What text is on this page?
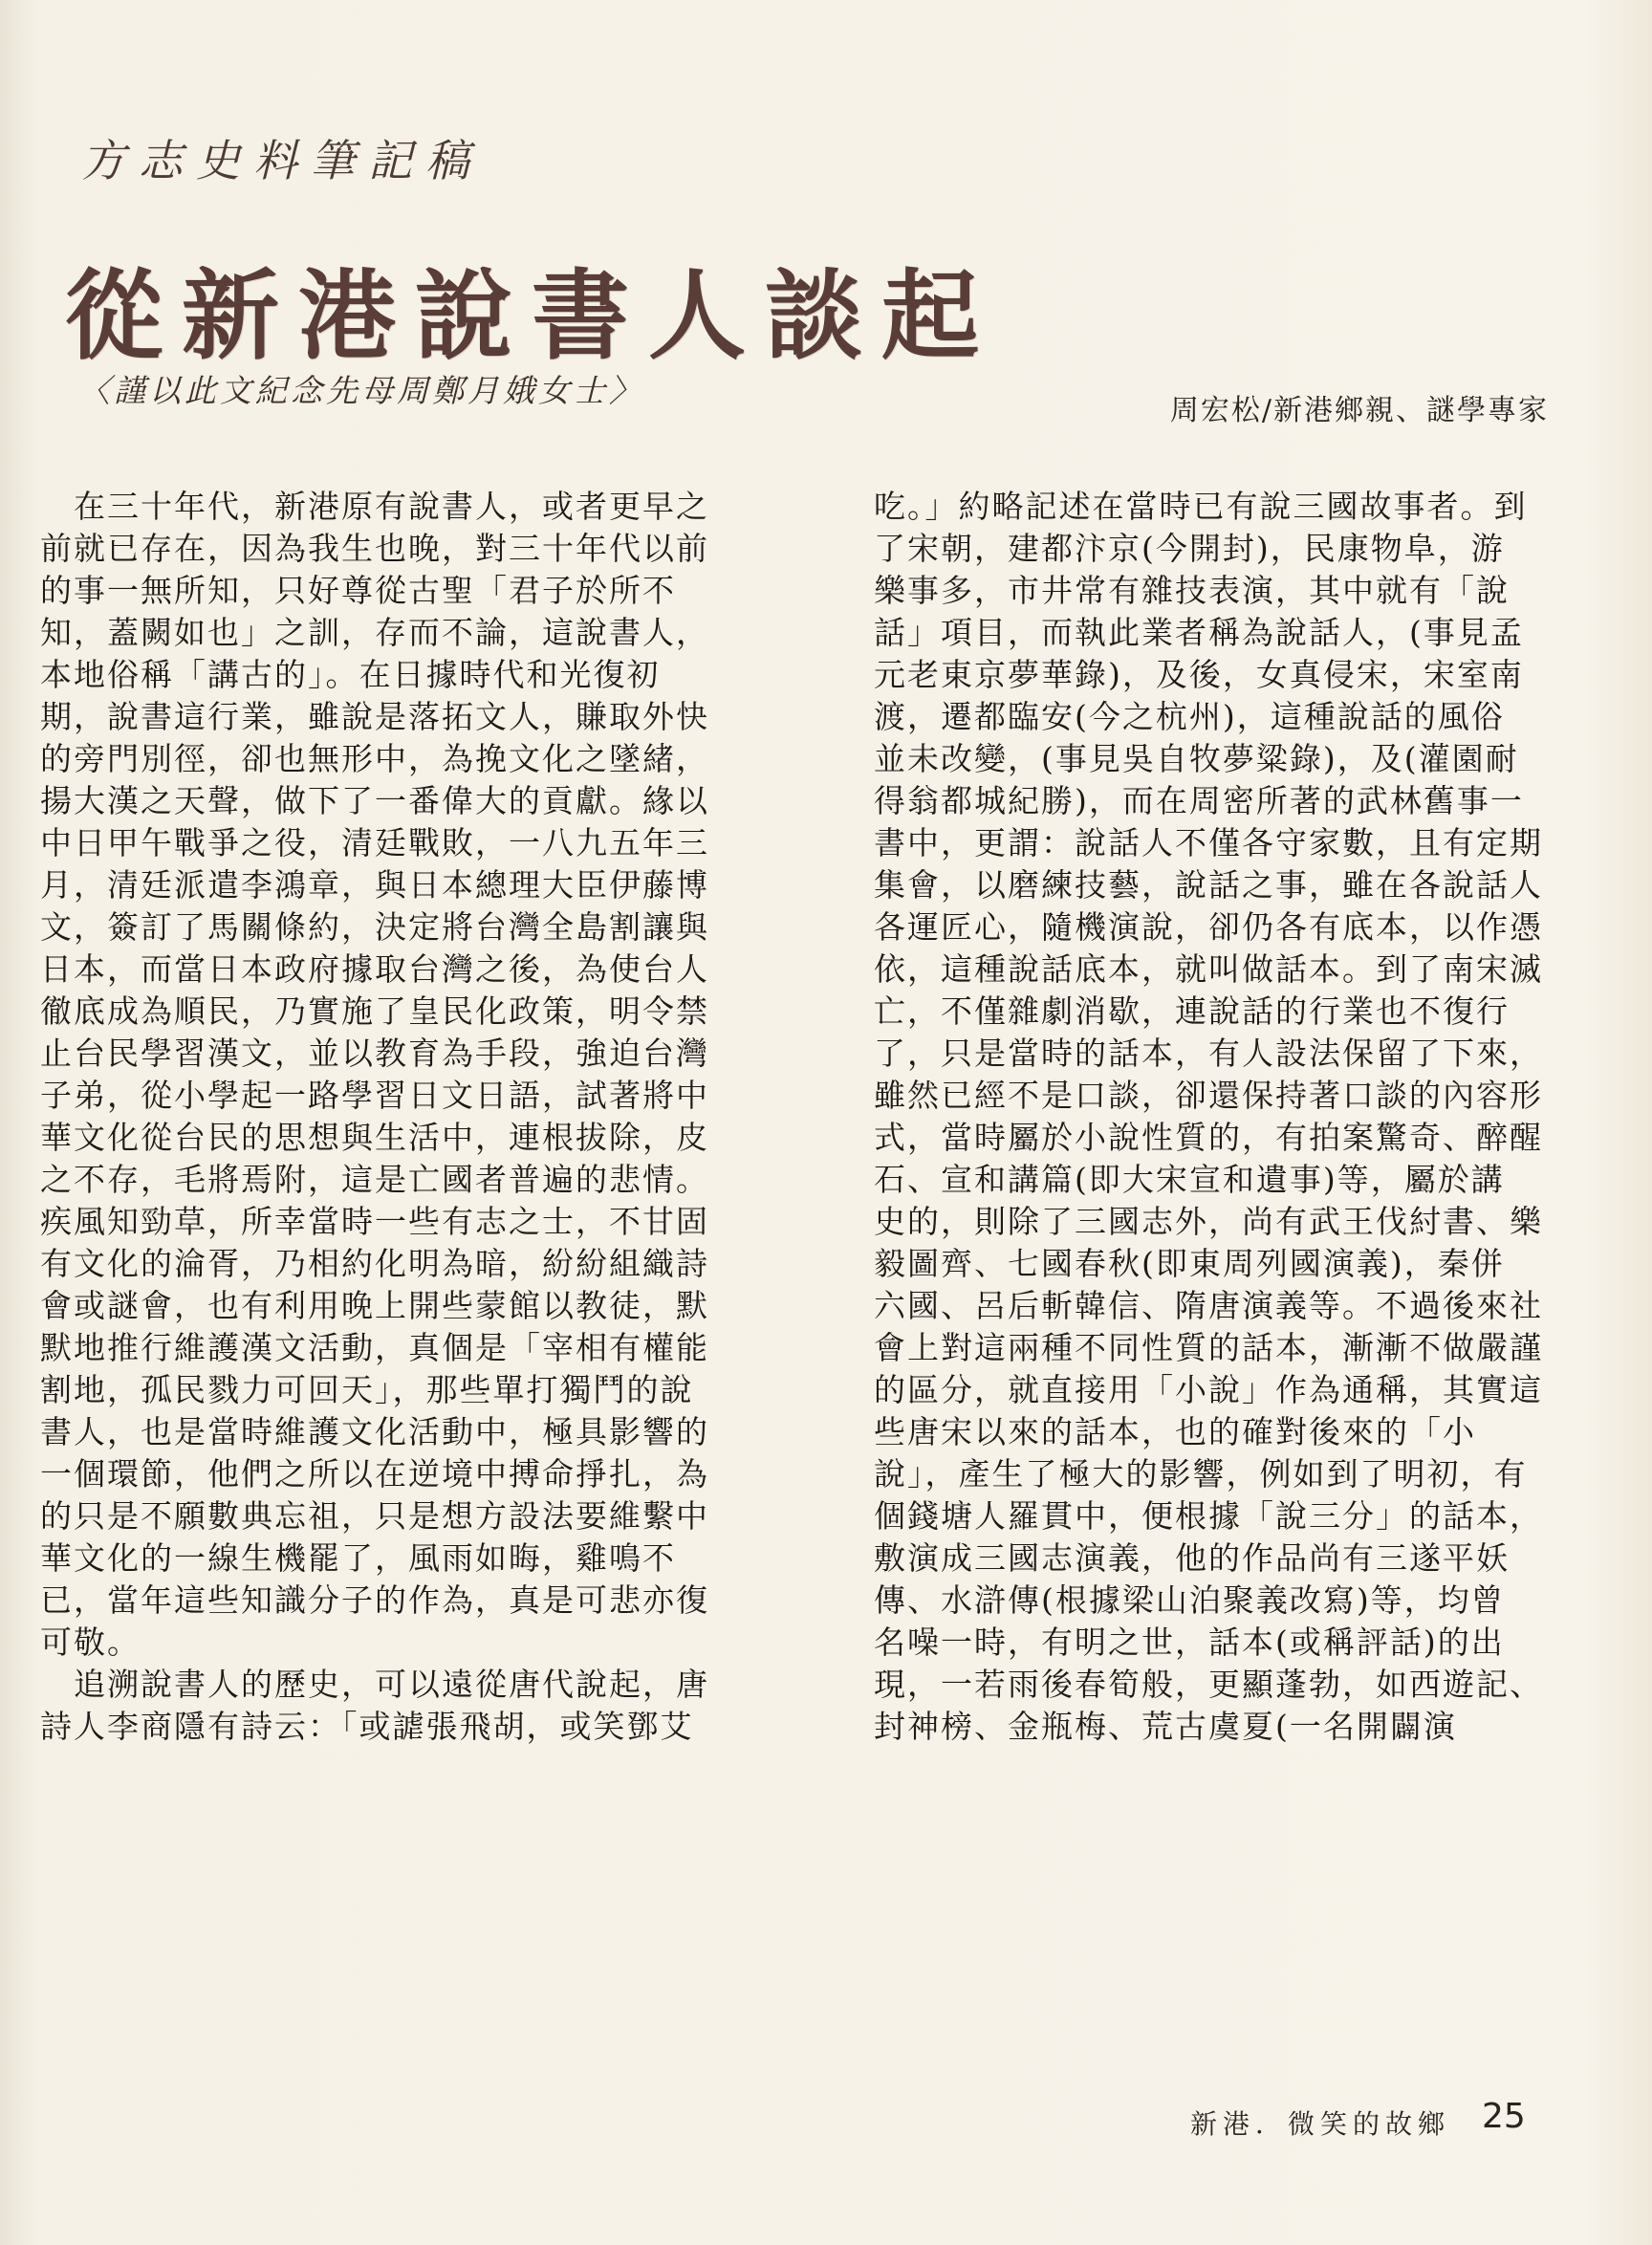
方志史料筆記稿
從新港說書人談起
〈謹以此文紀念先母周鄭月娥女士〉
周宏松/新港鄉親、謎學專家
　在三十年代，新港原有說書人，或者更早之
前就已存在，因為我生也晚，對三十年代以前
的事一無所知，只好尊從古聖「君子於所不
知，蓋闕如也」之訓，存而不論，這說書人，
本地俗稱「講古的」。在日據時代和光復初
期，說書這行業，雖說是落拓文人，賺取外快
的旁門別徑，卻也無形中，為挽文化之墜緒，
揚大漢之天聲，做下了一番偉大的貢獻。緣以
中日甲午戰爭之役，清廷戰敗，一八九五年三
月，清廷派遣李鴻章，與日本總理大臣伊藤博
文，簽訂了馬關條約，決定將台灣全島割讓與
日本，而當日本政府據取台灣之後，為使台人
徹底成為順民，乃實施了皇民化政策，明令禁
止台民學習漢文，並以教育為手段，強迫台灣
子弟，從小學起一路學習日文日語，試著將中
華文化從台民的思想與生活中，連根拔除，皮
之不存，毛將焉附，這是亡國者普遍的悲情。
疾風知勁草，所幸當時一些有志之士，不甘固
有文化的淪胥，乃相約化明為暗，紛紛組織詩
會或謎會，也有利用晚上開些蒙館以教徒，默
默地推行維護漢文活動，真個是「宰相有權能
割地，孤民戮力可回天」，那些單打獨鬥的說
書人，也是當時維護文化活動中，極具影響的
一個環節，他們之所以在逆境中搏命掙扎，為
的只是不願數典忘祖，只是想方設法要維繫中
華文化的一線生機罷了，風雨如晦，雞鳴不
已，當年這些知識分子的作為，真是可悲亦復
可敬。
　追溯說書人的歷史，可以遠從唐代說起，唐
詩人李商隱有詩云：「或謔張飛胡，或笑鄧艾
吃。」約略記述在當時已有說三國故事者。到
了宋朝，建都汴京(今開封)，民康物阜，游
樂事多，市井常有雜技表演，其中就有「說
話」項目，而執此業者稱為說話人，(事見孟
元老東京夢華錄)，及後，女真侵宋，宋室南
渡，遷都臨安(今之杭州)，這種說話的風俗
並未改變，(事見吳自牧夢粱錄)，及(灌園耐
得翁都城紀勝)，而在周密所著的武林舊事一
書中，更謂：說話人不僅各守家數，且有定期
集會，以磨練技藝，說話之事，雖在各說話人
各運匠心，隨機演說，卻仍各有底本，以作憑
依，這種說話底本，就叫做話本。到了南宋滅
亡，不僅雜劇消歇，連說話的行業也不復行
了，只是當時的話本，有人設法保留了下來，
雖然已經不是口談，卻還保持著口談的內容形
式，當時屬於小說性質的，有拍案驚奇、醉醒
石、宣和講篇(即大宋宣和遺事)等，屬於講
史的，則除了三國志外，尚有武王伐紂書、樂
毅圖齊、七國春秋(即東周列國演義)，秦併
六國、呂后斬韓信、隋唐演義等。不過後來社
會上對這兩種不同性質的話本，漸漸不做嚴謹
的區分，就直接用「小說」作為通稱，其實這
些唐宋以來的話本，也的確對後來的「小
說」，產生了極大的影響，例如到了明初，有
個錢塘人羅貫中，便根據「說三分」的話本，
敷演成三國志演義，他的作品尚有三遂平妖
傳、水滸傳(根據梁山泊聚義改寫)等，均曾
名噪一時，有明之世，話本(或稱評話)的出
現，一若雨後春筍般，更顯蓬勃，如西遊記、
封神榜、金瓶梅、荒古虞夏(一名開闢演
新港．微笑的故鄉 25
